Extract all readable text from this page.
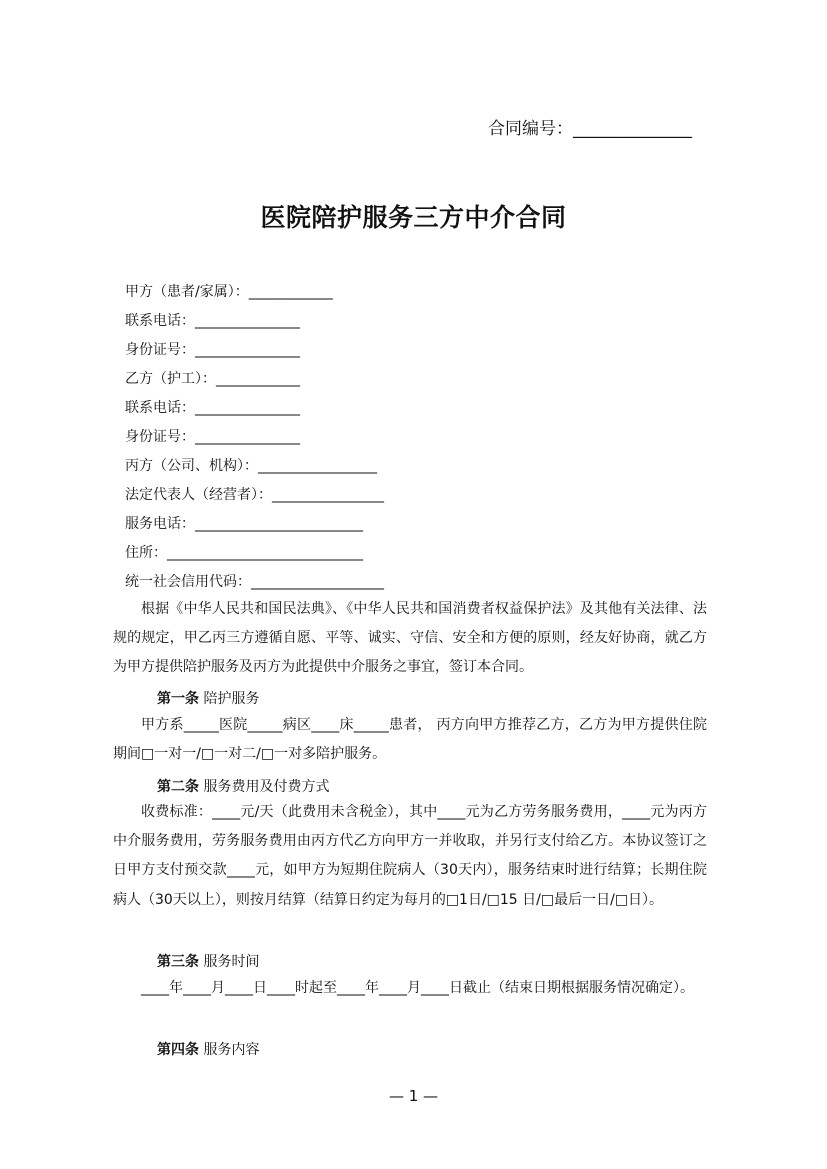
合同编号：______________
医院陪护服务三方中介合同
甲方（患者/家属）：____________
联系电话：_______________
身份证号：_______________
乙方（护工）：____________
联系电话：_______________
身份证号：_______________
丙方（公司、机构）：_________________
法定代表人（经营者）：________________
服务电话：________________________
住所：____________________________
统一社会信用代码：___________________
根据《中华人民共和国民法典》、《中华人民共和国消费者权益保护法》及其他有关法律、法规的规定，甲乙丙三方遵循自愿、平等、诚实、守信、安全和方便的原则，经友好协商，就乙方为甲方提供陪护服务及丙方为此提供中介服务之事宜，签订本合同。
第一条 陪护服务
甲方系_____医院_____病区____床_____患者， 丙方向甲方推荐乙方，乙方为甲方提供住院期间□一对一/□一对二/□一对多陪护服务。
第二条 服务费用及付费方式
收费标准：____元/天（此费用未含税金），其中____元为乙方劳务服务费用，____元为丙方中介服务费用，劳务服务费用由丙方代乙方向甲方一并收取，并另行支付给乙方。本协议签订之日甲方支付预交款____元，如甲方为短期住院病人（30天内），服务结束时进行结算；长期住院病人（30天以上），则按月结算（结算日约定为每月的□1日/□15 日/□最后一日/□日）。
第三条 服务时间
____年____月____日____时起至____年____月____日截止（结束日期根据服务情况确定）。
第四条 服务内容
— 1 —
